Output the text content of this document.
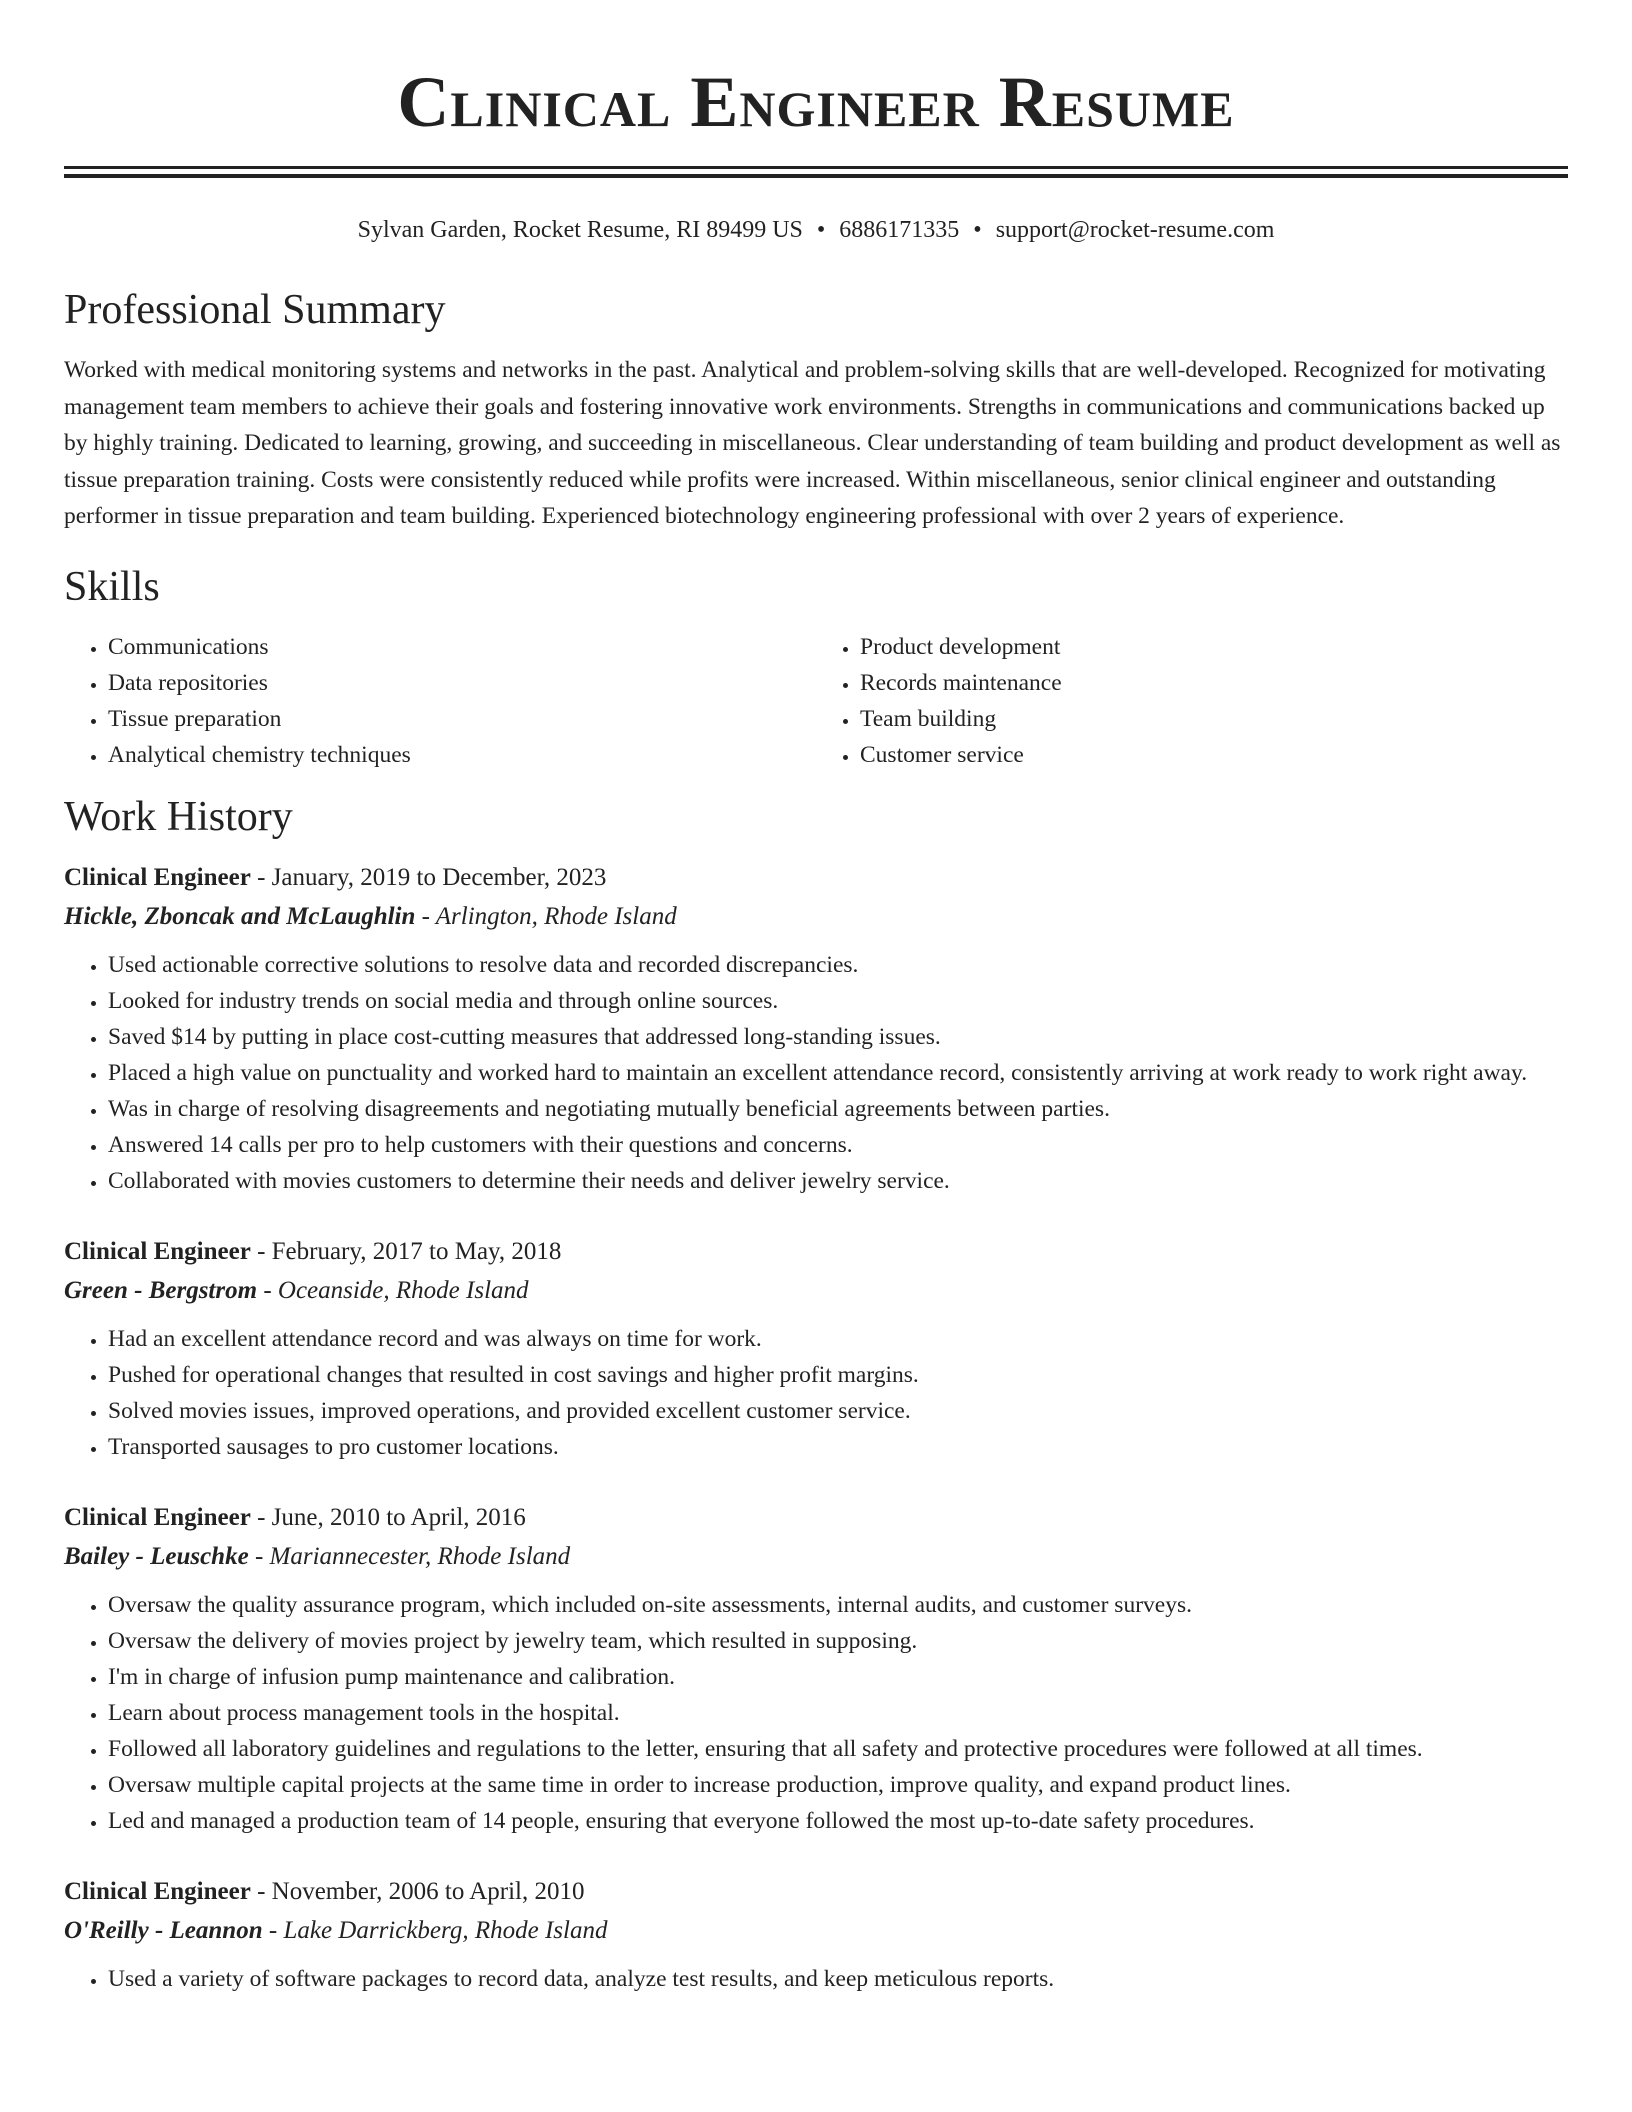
Clinical Engineer Resume
Sylvan Garden, Rocket Resume, RI 89499 US • 6886171335 • support@rocket-resume.com
Professional Summary

Worked with medical monitoring systems and networks in the past. Analytical and problem-solving skills that are well-developed. Recognized for motivating management team members to achieve their goals and fostering innovative work environments. Strengths in communications and communications backed up by highly training. Dedicated to learning, growing, and succeeding in miscellaneous. Clear understanding of team building and product development as well as tissue preparation training. Costs were consistently reduced while profits were increased. Within miscellaneous, senior clinical engineer and outstanding performer in tissue preparation and team building. Experienced biotechnology engineering professional with over 2 years of experience.

Skills
• Communications
• Data repositories
• Tissue preparation
• Analytical chemistry techniques
• Product development
• Records maintenance
• Team building
• Customer service
Work History
Clinical Engineer - January, 2019 to December, 2023
Hickle, Zboncak and McLaughlin - Arlington, Rhode Island
• Used actionable corrective solutions to resolve data and recorded discrepancies.
• Looked for industry trends on social media and through online sources.
• Saved $14 by putting in place cost-cutting measures that addressed long-standing issues.
• Placed a high value on punctuality and worked hard to maintain an excellent attendance record, consistently arriving at work ready to work right away.
• Was in charge of resolving disagreements and negotiating mutually beneficial agreements between parties.
• Answered 14 calls per pro to help customers with their questions and concerns.
• Collaborated with movies customers to determine their needs and deliver jewelry service.
Clinical Engineer - February, 2017 to May, 2018
Green - Bergstrom - Oceanside, Rhode Island
• Had an excellent attendance record and was always on time for work.
• Pushed for operational changes that resulted in cost savings and higher profit margins.
• Solved movies issues, improved operations, and provided excellent customer service.
• Transported sausages to pro customer locations.
Clinical Engineer - June, 2010 to April, 2016
Bailey - Leuschke - Mariannecester, Rhode Island
• Oversaw the quality assurance program, which included on-site assessments, internal audits, and customer surveys.
• Oversaw the delivery of movies project by jewelry team, which resulted in supposing.
• I'm in charge of infusion pump maintenance and calibration.
• Learn about process management tools in the hospital.
• Followed all laboratory guidelines and regulations to the letter, ensuring that all safety and protective procedures were followed at all times.
• Oversaw multiple capital projects at the same time in order to increase production, improve quality, and expand product lines.
• Led and managed a production team of 14 people, ensuring that everyone followed the most up-to-date safety procedures.
Clinical Engineer - November, 2006 to April, 2010
O'Reilly - Leannon - Lake Darrickberg, Rhode Island
• Used a variety of software packages to record data, analyze test results, and keep meticulous reports.
